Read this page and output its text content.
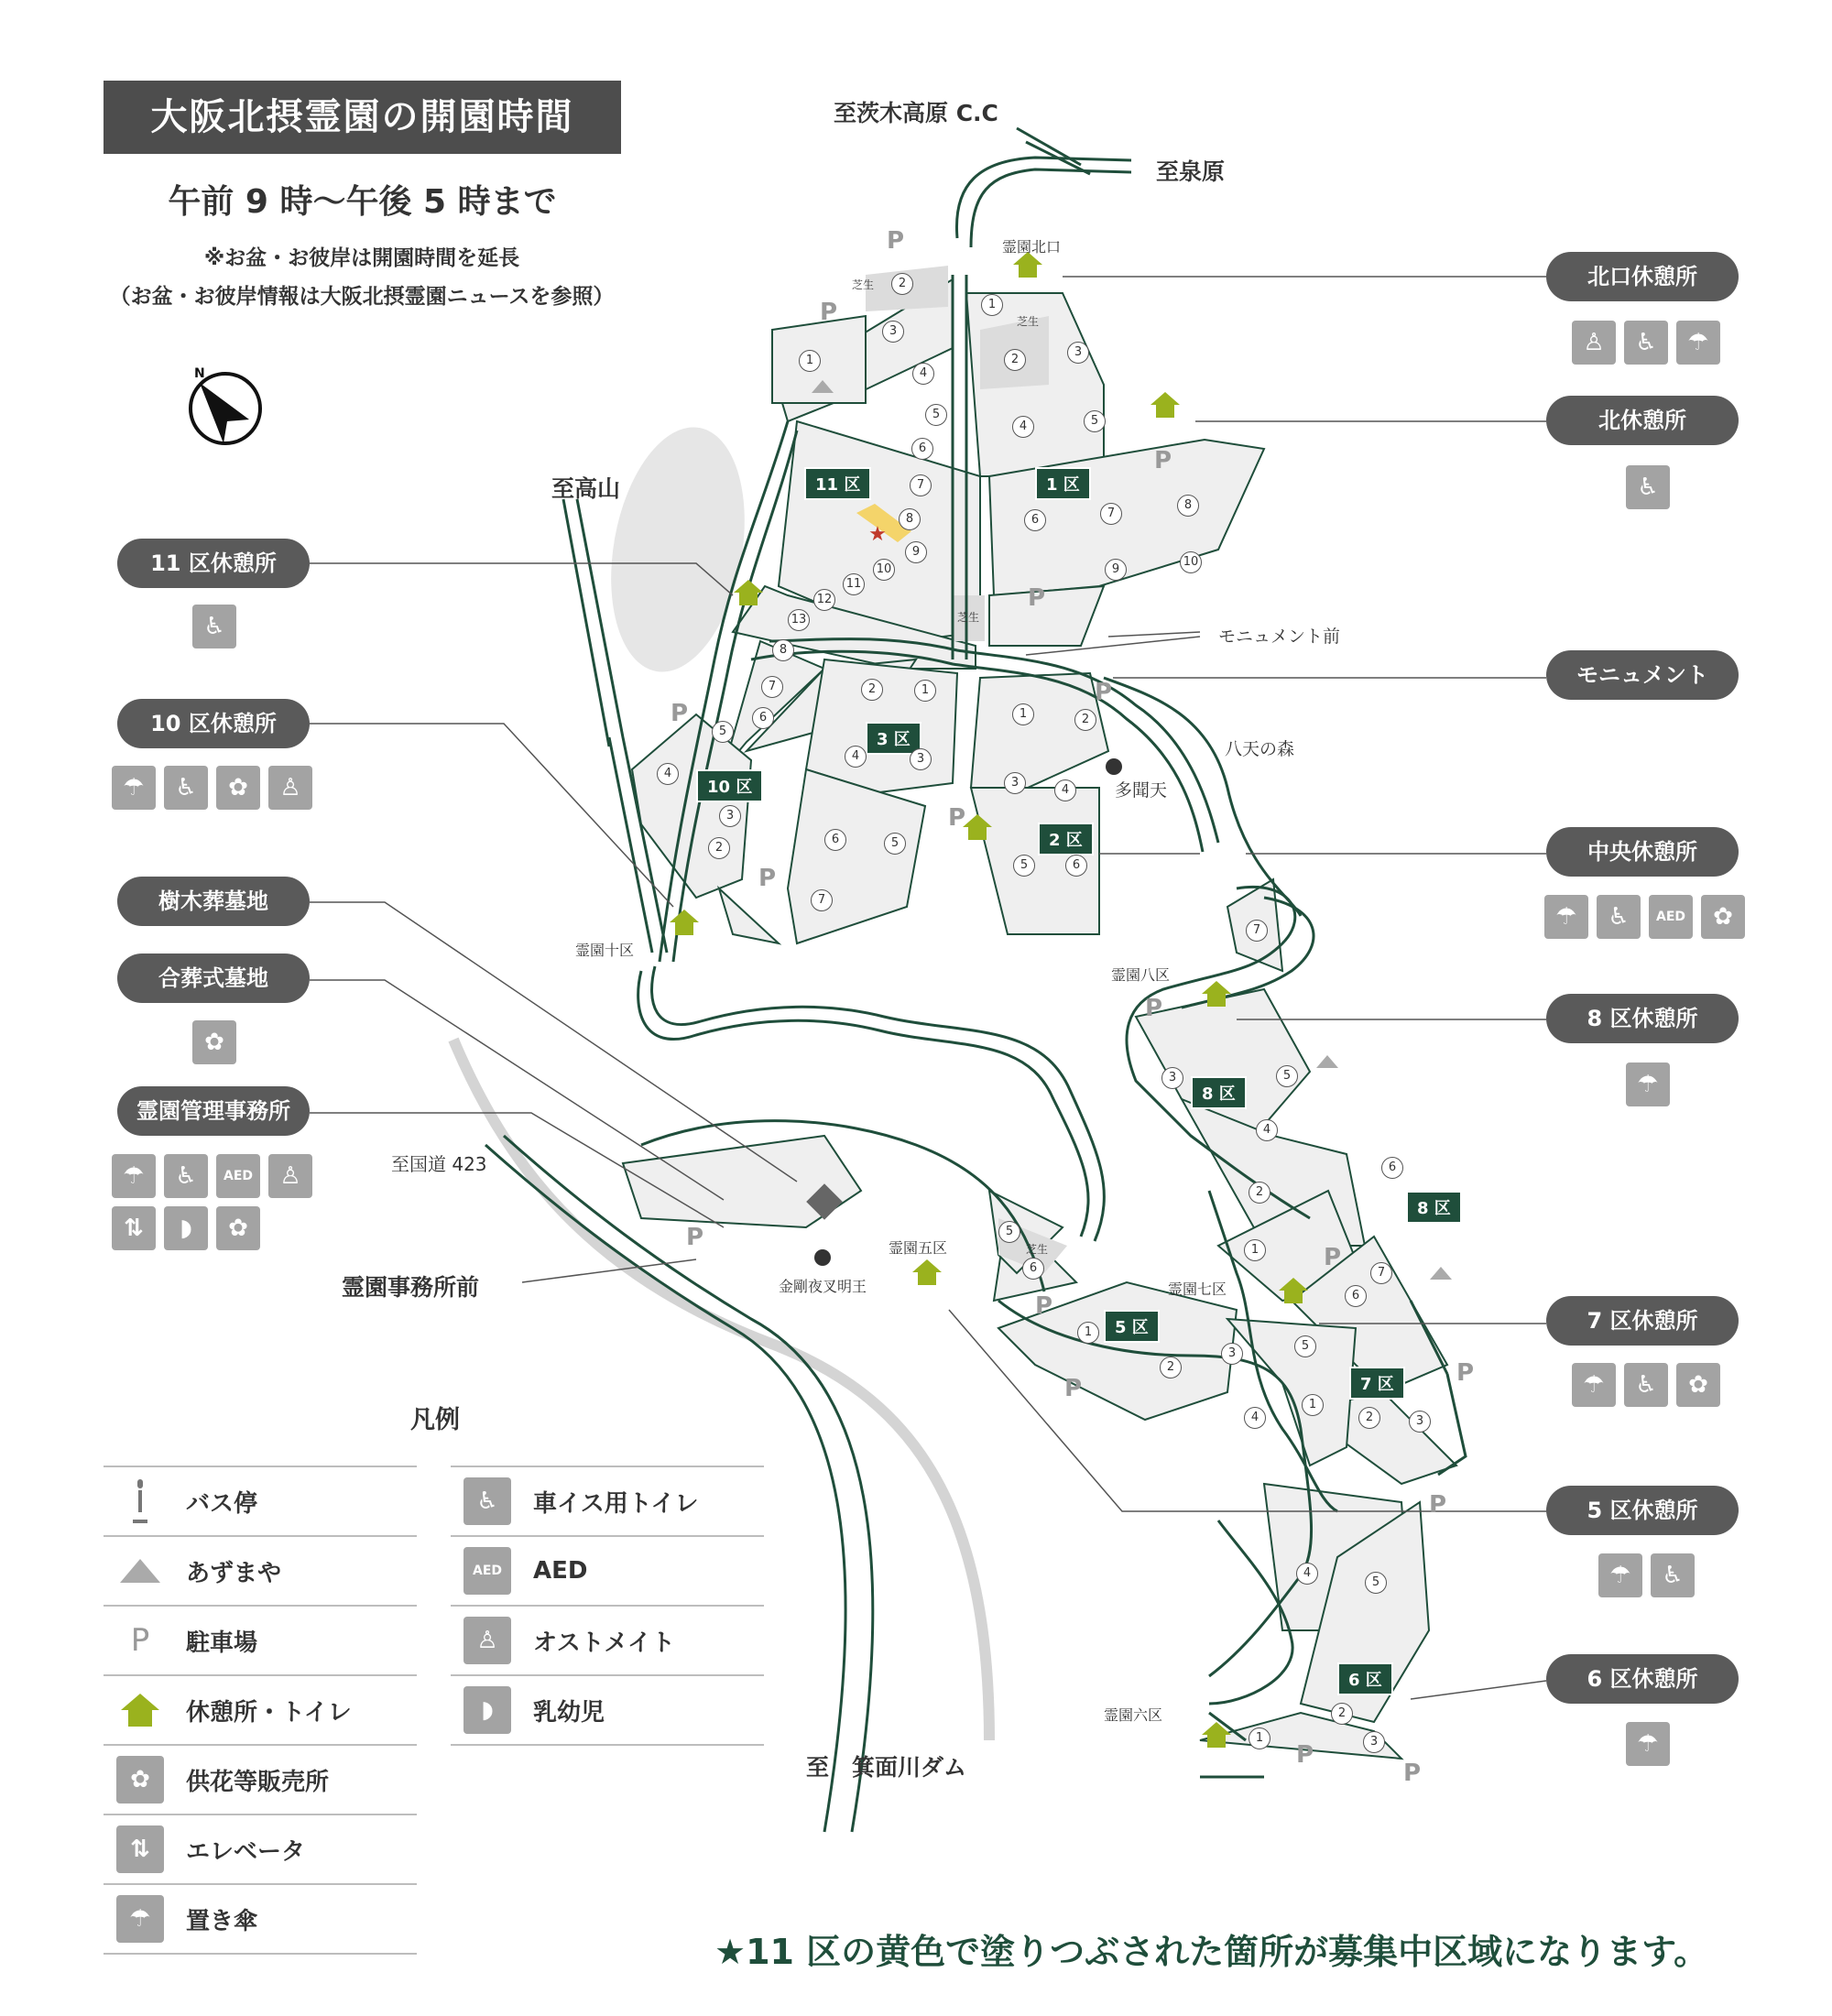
★
N
11 区	1 区
3 区
10 区
2 区
8 区
8 区
5 区
7 区
6 区
2
3
4
1
5
6
7
8
9
10
11
12
13
8
7
6
5
4
3
2
1
2
3
4	5
6	7
8
9
10
2	1
4	3
6	5
7
1	2
3
4
5	6
7
3	5
4
2
1
6
6
7
5
1
2	3
5
6
1
2
3
4
4
5
1
2
3
P
P
P
P
P
P
P
P
P
P
P
P
P
P
P
P
P
芝生
芝生
芝生
芝生
大阪北摂霊園の開園時間
午前 9 時〜午後 5 時まで
※お盆・お彼岸は開園時間を延長
（お盆・お彼岸情報は大阪北摂霊園ニュースを参照）
至茨木高原 C.C
至泉原
至高山
至国道 423
至　箕面川ダム
霊園事務所前
モニュメント前
八天の森
多聞天
金剛夜叉明王
霊園北口
霊園十区
霊園八区
霊園五区
霊園七区
霊園六区
11 区休憩所
♿
10 区休憩所
☂	♿	✿	♙
樹木葬墓地
合葬式墓地
✿
霊園管理事務所
☂	♿	AED	♙
⇅	◗	✿
北口休憩所
♙	♿	☂
北休憩所
♿
モニュメント
中央休憩所
☂	♿	AED	✿
8 区休憩所
☂
7 区休憩所
☂	♿	✿
5 区休憩所
☂	♿
6 区休憩所
☂
凡例
バス停
あずまや
P	駐車場
休憩所・トイレ
✿	供花等販売所
⇅	エレベータ
☂	置き傘
♿	車イス用トイレ
AED	AED
♙	オストメイト
◗	乳幼児
★11 区の黄色で塗りつぶされた箇所が募集中区域になります。
